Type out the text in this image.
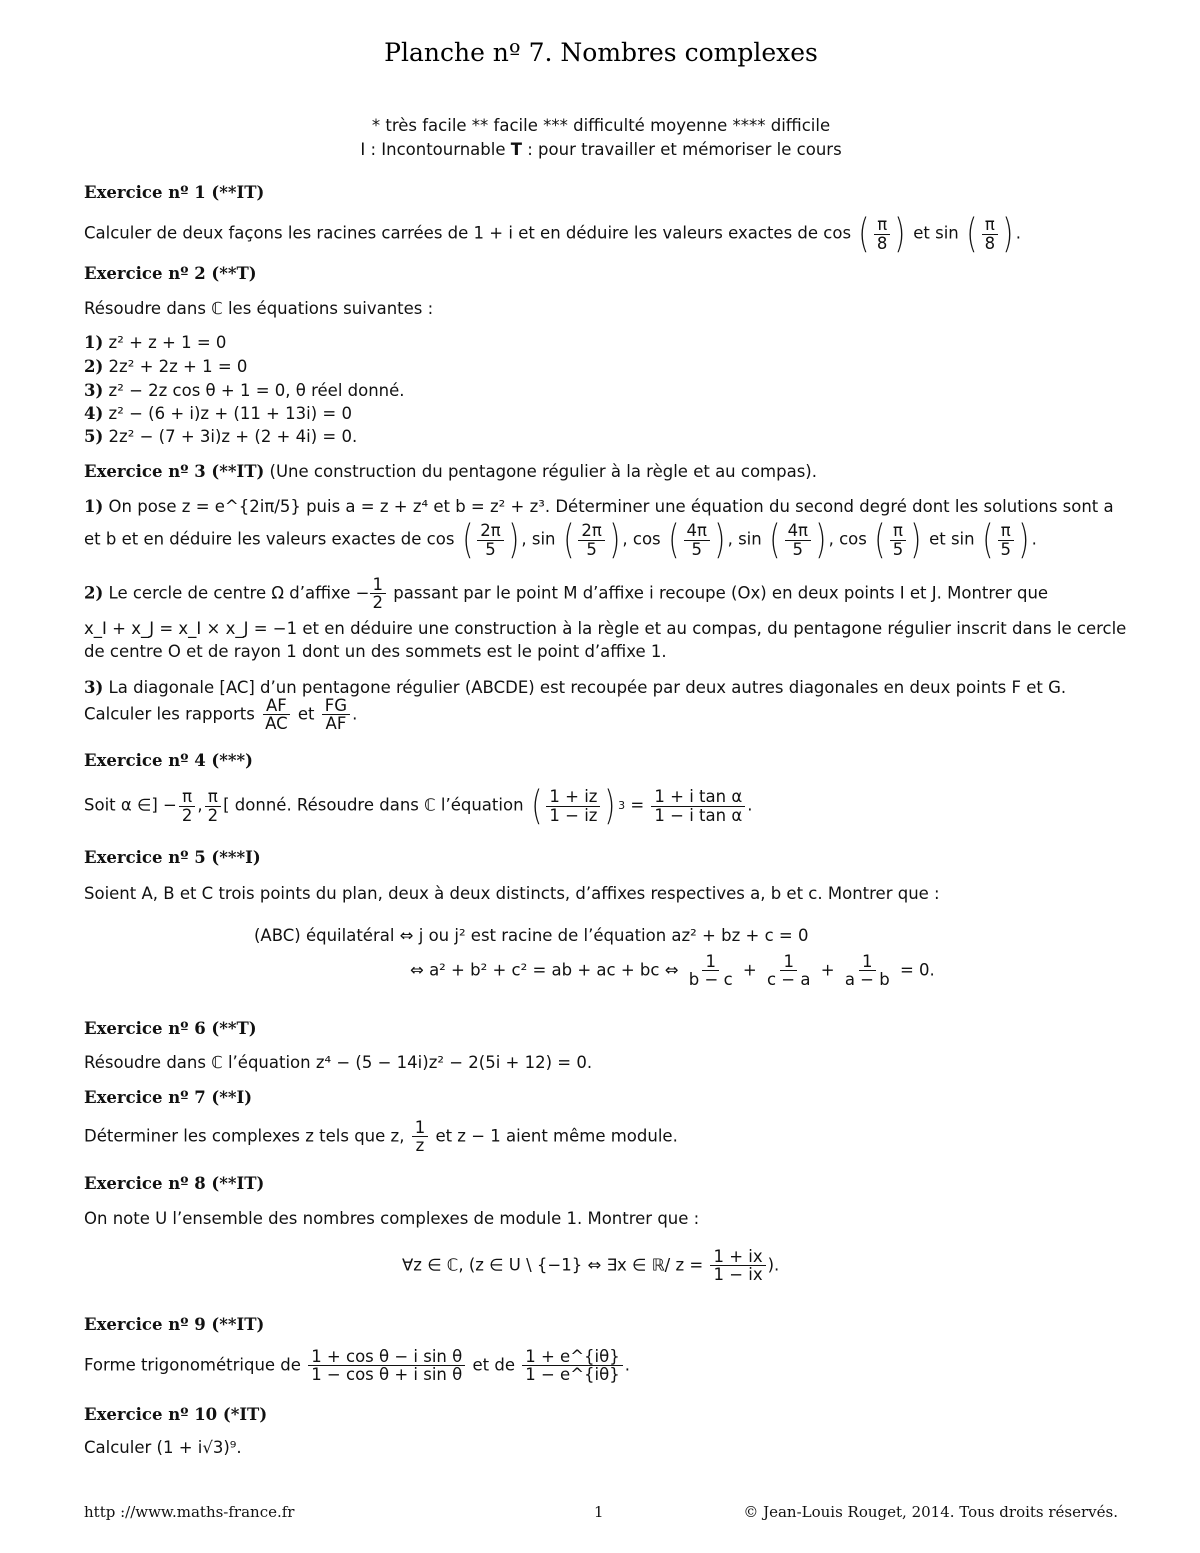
Planche nº 7. Nombres complexes
* très facile ** facile *** difficulté moyenne **** difficile
I : Incontournable T : pour travailler et mémoriser le cours
Exercice nº 1 (**IT)
Calculer de deux façons les racines carrées de 1 + i et en déduire les valeurs exactes de cos ( $\frac{\pi}{8}$ ) et sin ( $\frac{\pi}{8}$ ) .
Exercice nº 2 (**T)
Résoudre dans ℂ les équations suivantes :
1) z² + z + 1 = 0
2) 2z² + 2z + 1 = 0
3) z² − 2z cos θ + 1 = 0, θ réel donné.
4) z² − (6 + i)z + (11 + 13i) = 0
5) 2z² − (7 + 3i)z + (2 + 4i) = 0.
Exercice nº 3 (**IT) (Une construction du pentagone régulier à la règle et au compas).
1) On pose z = e^{2iπ/5} puis a = z + z⁴ et b = z² + z³. Déterminer une équation du second degré dont les solutions sont a
et b et en déduire les valeurs exactes de cos ( $\frac{2\pi}{5}$ ) , sin ( $\frac{2\pi}{5}$ ) , cos ( $\frac{4\pi}{5}$ ) , sin ( $\frac{4\pi}{5}$ ) , cos ( $\frac{\pi}{5}$ ) et sin ( $\frac{\pi}{5}$ ) .
2) Le cercle de centre Ω d’affixe − $\frac{1}{2}$ passant par le point M d’affixe i recoupe (Ox) en deux points I et J. Montrer que
x_I + x_J = x_I × x_J = −1 et en déduire une construction à la règle et au compas, du pentagone régulier inscrit dans le cercle
de centre O et de rayon 1 dont un des sommets est le point d’affixe 1.
3) La diagonale [AC] d’un pentagone régulier (ABCDE) est recoupée par deux autres diagonales en deux points F et G.
Calculer les rapports $\frac{AF}{AC}$ et $\frac{FG}{AF}$ .
Exercice nº 4 (***)
Soit α ∈] − $\frac{\pi}{2}$ , $\frac{\pi}{2}$ [ donné. Résoudre dans ℂ l’équation ( $\frac{1 + iz}{1 - iz}$ ) $3 = \frac{\text{1 + i tan α}}{\text{1 − i tan α}}$ .
Exercice nº 5 (***I)
Soient A, B et C trois points du plan, deux à deux distincts, d’affixes respectives a, b et c. Montrer que :
(ABC) équilatéral ⇔ j ou j² est racine de l’équation az² + bz + c = 0
⇔ a² + b² + c² = ab + ac + bc ⇔ $\frac{1}{b - c} + \frac{1}{c - a} + \frac{1}{a - b} = 0$.
Exercice nº 6 (**T)
Résoudre dans ℂ l’équation z⁴ − (5 − 14i)z² − 2(5i + 12) = 0.
Exercice nº 7 (**I)
Déterminer les complexes z tels que z, $\frac{1}{z}$ et z − 1 aient même module.
Exercice nº 8 (**IT)
On note U l’ensemble des nombres complexes de module 1. Montrer que :
∀z ∈ ℂ, (z ∈ U \ {−1} ⇔ ∃x ∈ ℝ/ $z = \frac{1 + ix}{1 - ix}$ ).
Exercice nº 9 (**IT)
Forme trigonométrique de $\frac{\text{1 + cos θ − i sin θ}}{\text{1 − cos θ + i sin θ}}$ et de $\frac{1 + e\^{}\{i\theta\}}{1 - e\^{}\{i\theta\}}$ .
Exercice nº 10 (*IT)
Calculer (1 + i√3)⁹.
http ://www.maths-france.fr	1	© Jean-Louis Rouget, 2014. Tous droits réservés.
